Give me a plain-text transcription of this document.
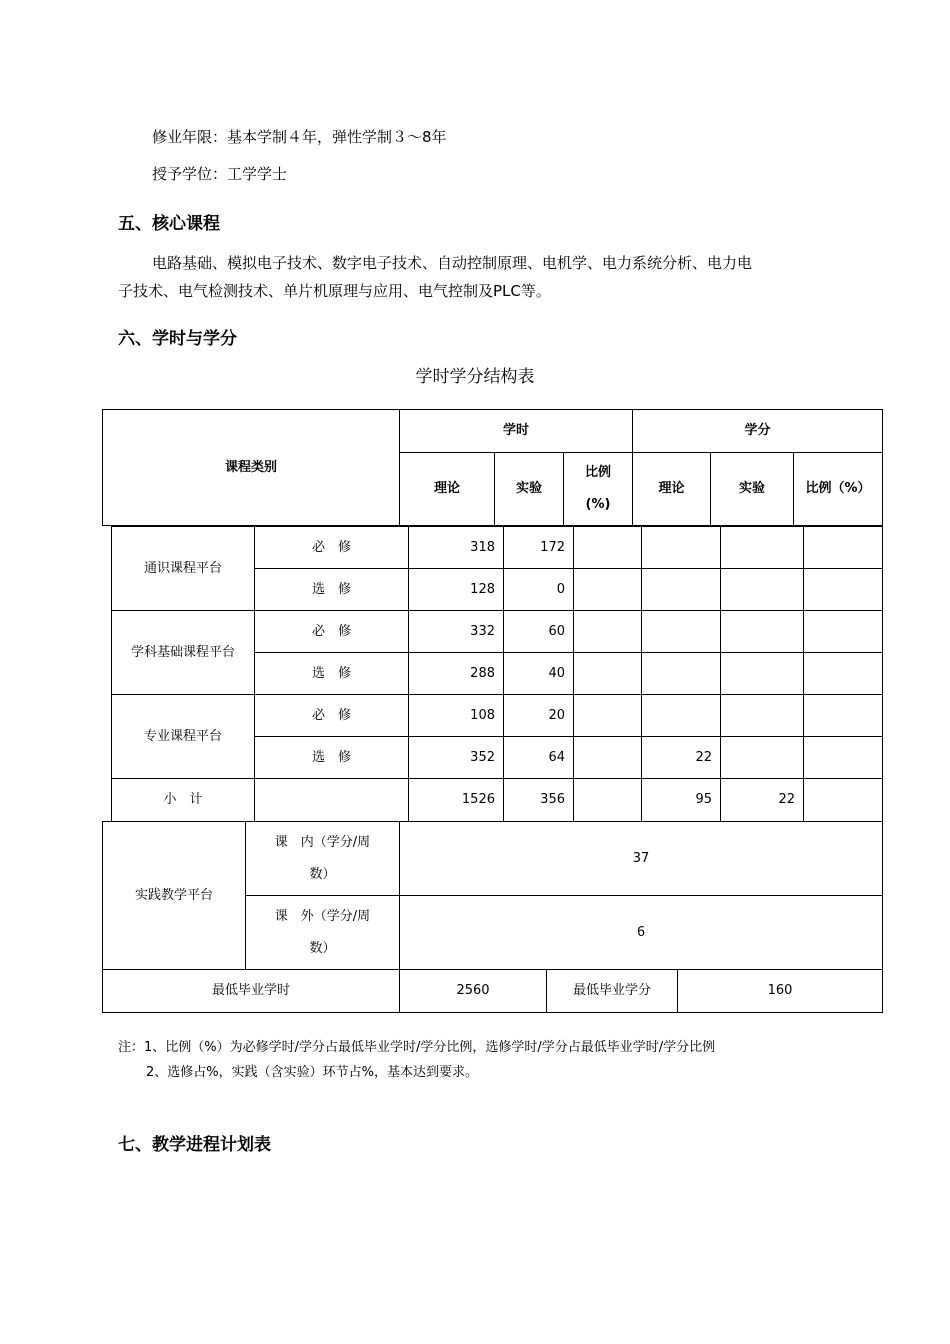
修业年限：基本学制４年，弹性学制３～8年
授予学位：工学学士
五、核心课程
电路基础、模拟电子技术、数字电子技术、自动控制原理、电机学、电力系统分析、电力电
子技术、电气检测技术、单片机原理与应用、电气控制及PLC等。
六、学时与学分
学时学分结构表
课程类别	学时			学分		
	理论	实验	比例
(%)	理论	实验	比例（%）
通识课程平台	必　修	318	172				
	选　修	128	0				
学科基础课程平台	必　修	332	60				
	选　修	288	40				
专业课程平台	必　修	108	20				
	选　修	352	64		22		
小　计		1526	356		95	22	
实践教学平台	课　内（学分/周
数）	37		
	课　外（学分/周
数）	6		
最低毕业学时		2560	最低毕业学分	160
注：1、比例（%）为必修学时/学分占最低毕业学时/学分比例，选修学时/学分占最低毕业学时/学分比例
2、选修占%，实践（含实验）环节占%，基本达到要求。
七、教学进程计划表
